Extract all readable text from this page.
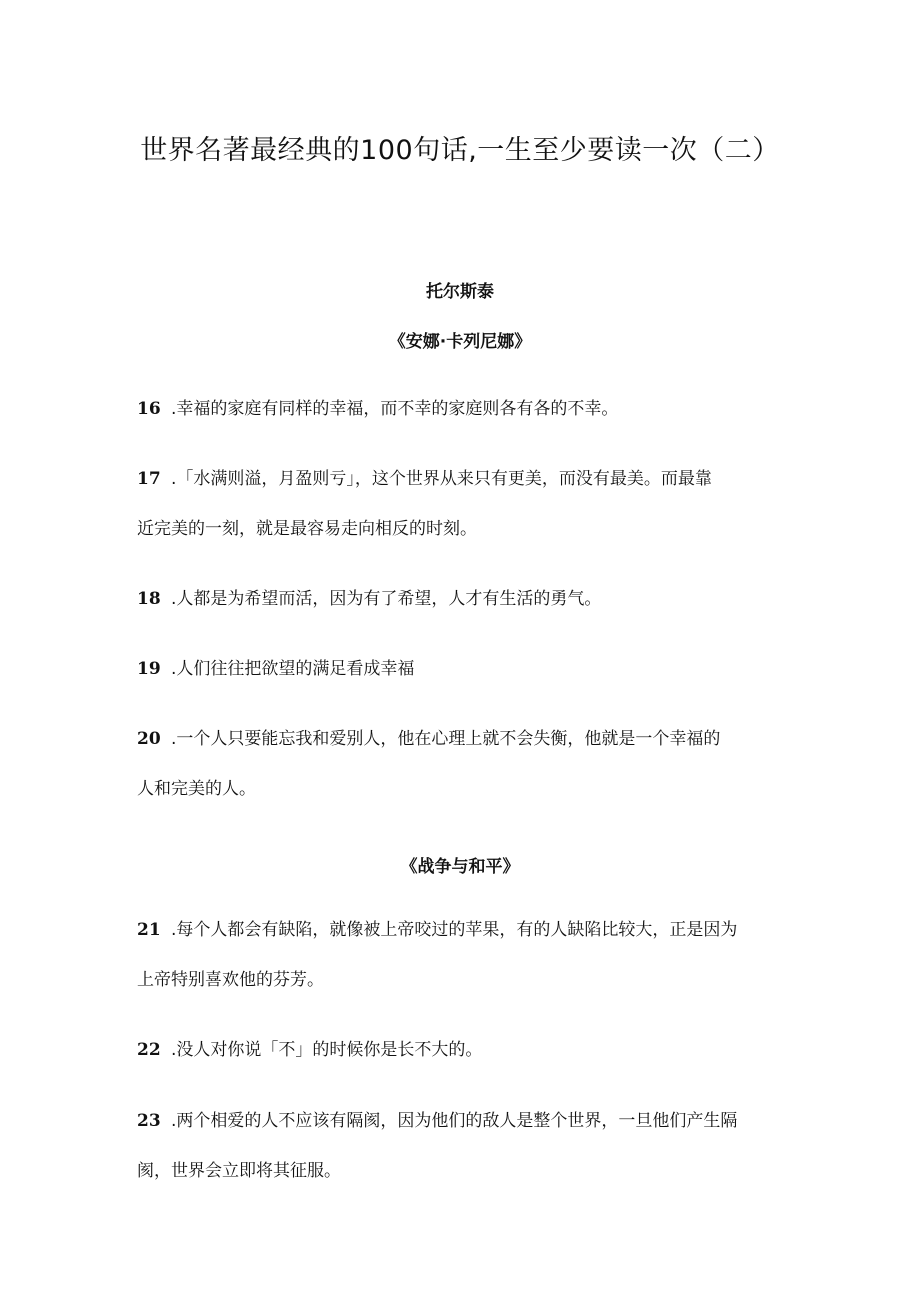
世界名著最经典的100句话,一生至少要读一次（二）
托尔斯泰
《安娜·卡列尼娜》
16 .幸福的家庭有同样的幸福，而不幸的家庭则各有各的不幸。
17 .「水满则溢，月盈则亏」，这个世界从来只有更美，而没有最美。而最靠
近完美的一刻，就是最容易走向相反的时刻。
18 .人都是为希望而活，因为有了希望，人才有生活的勇气。
19 .人们往往把欲望的满足看成幸福
20 .一个人只要能忘我和爱别人，他在心理上就不会失衡，他就是一个幸福的
人和完美的人。
《战争与和平》
21 .每个人都会有缺陷，就像被上帝咬过的苹果，有的人缺陷比较大，正是因为
上帝特别喜欢他的芬芳。
22 .没人对你说「不」的时候你是长不大的。
23 .两个相爱的人不应该有隔阂，因为他们的敌人是整个世界，一旦他们产生隔
阂，世界会立即将其征服。
